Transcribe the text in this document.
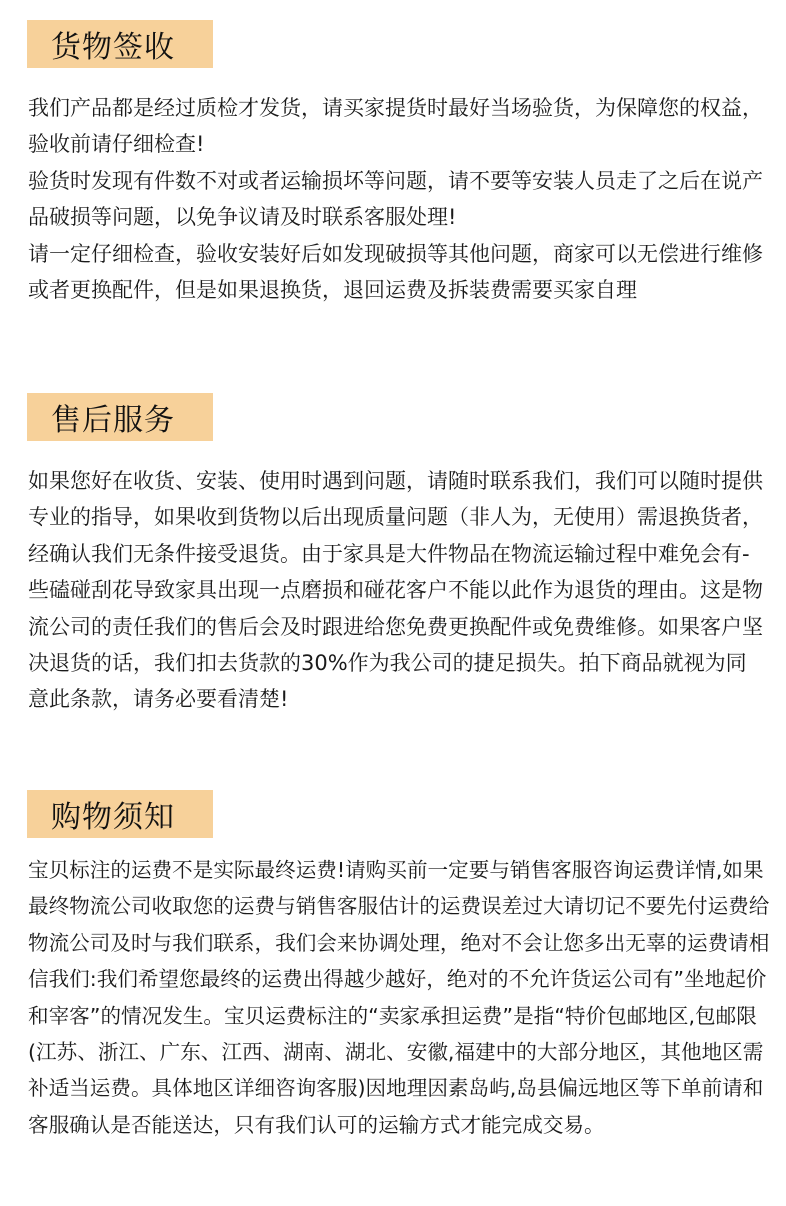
货物签收

我们产品都是经过质检才发货，请买家提货时最好当场验货，为保障您的权益，验收前请仔细检查!

验货时发现有件数不对或者运输损坏等问题，请不要等安装人员走了之后在说产品破损等问题，以免争议请及时联系客服处理!

请一定仔细检查，验收安装好后如发现破损等其他问题，商家可以无偿进行维修或者更换配件，但是如果退换货，退回运费及拆装费需要买家自理

售后服务

如果您好在收货、安装、使用时遇到问题，请随时联系我们，我们可以随时提供专业的指导，如果收到货物以后出现质量问题（非人为，无使用）需退换货者，经确认我们无条件接受退货。由于家具是大件物品在物流运输过程中难免会有-些磕碰刮花导致家具出现一点磨损和碰花客户不能以此作为退货的理由。这是物流公司的责任我们的售后会及时跟进给您免费更换配件或免费维修。如果客户坚决退货的话，我们扣去货款的30%作为我公司的捷足损失。拍下商品就视为同意此条款，请务必要看清楚!

购物须知

宝贝标注的运费不是实际最终运费!请购买前一定要与销售客服咨询运费详情,如果最终物流公司收取您的运费与销售客服估计的运费误差过大请切记不要先付运费给物流公司及时与我们联系，我们会来协调处理，绝对不会让您多出无辜的运费请相信我们:我们希望您最终的运费出得越少越好，绝对的不允许货运公司有”坐地起价和宰客”的情况发生。宝贝运费标注的“卖家承担运费”是指“特价包邮地区,包邮限(江苏、浙江、广东、江西、湖南、湖北、安徽,福建中的大部分地区，其他地区需补适当运费。具体地区详细咨询客服)因地理因素岛屿,岛县偏远地区等下单前请和客服确认是否能送达，只有我们认可的运输方式才能完成交易。
